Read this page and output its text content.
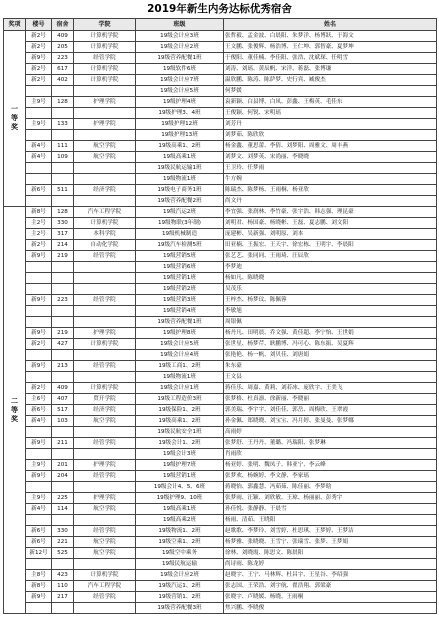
2019年新生内务达标优秀宿舍
奖项	楼号	宿舍	学院	班级	姓名

一
等
奖	新2号	409	计算机学院	19级会计应3班	张哲毅、孟金波、白晨阳、朱梦洋、杨博跃、于海文
	新2号	205	计算机学院	19级会计应2班	王文鹏、张俊辉、杨浩博、王仁坤、郭智豪、夏梦坤
	新9号	223	经管学院	19级营养配餐1班	于俊阳、董佳楠、李佳阳、张浩、沈斌琛、任明雪
	新2号	617	计算机学院	19级软件6班	刘涛、刘瑶、黄辰帆、宋洋、蒋磊、张博谦
	新2号	402	计算机学院	19级会计应7班	温欣鹏、陈涛、陈萨梦、史行宾、臧俊杰
				19级会计应5班	何梦媛
	主9号	128	护理学院	19级护理4班	袁新颖、白县博、白凤、彭鑫、王梅英、毛佳东
				19级护理3、4班	王俊颖、何锐、宋明瑶
	主9号	133	护理学院	19级护理12班	刘芳丹
				19级护理13班	刘梦茹、陈欣欣
	新4号	111	航空学院	19级高乘1、2班	杨金鑫、董思蕾、李倩、刘梦阳、周雅文、周丰燕
	新4号	109	航空学院	19级高乘1班	刘梦文、刘梦英、宋尚丽、李晓晓
				19级民航运输1班	王卫玲、任梦雨
				19级物流1班	牛方婉
	新6号	511	经济学院	19级电子商务1班	陈瑞杰、陈梦杨、王雨桐、杨亚欣
				19级营养配餐2班	尚文丹

二
等
奖	新8号	128	汽车工程学院	19级汽运2班	李宜强、张润林、李竹豪、张宇浩、韩志强、理昆豪
	主2号	330	计算机学院	19级物联(3年制)	刘明君、杨国豪、杨晓彬、王磊、夏志鹏、刘文阳
	主2号	317	本科学院	19级机械制造	庞建彬、吴新强、刘明原、刘本
	新2号	214	自动化学院	19级汽车检测5班	田亚楠、王振宏、王天宇、徐宏栋、王明宇、李晨阳
	新9号	219	经管学院	19级营销5班	张艺艺、张同同、王雨琦、汪辰欣
				19级营销6班	李梦迪
				19级营销1班	杨如凡、陈晓晓
				19级营销2班	吴茂乐
	新9号	223	经管学院	19级营销3班	王梓杰、杨梦玟、陈佩蓉
				19级营销4班	李敏旭
				19级营养配餐1班	周银佩
	新9号	219	护理学院	19级护理8班	杨丹凡、田明晨、乔文强、黄佳超、李宁怡、王世娟
	新2号	427	计算机学院	19级会计应5班	张世星、杨梦芹、耿鹏博、冯可心、陈东振、吴夏辉
				19级会计应4班	张艳艳、杨一帆、刘贝佳、刘唐娟
	新9号	213	经管学院	19级工商1、2班	朱东豪
				19级物流1班	王文县
	新2号	409	计算机学院	19级会计应1班	蒋佳乐、周嘉、黄莉、刘若冰、庞欣宇、王美飞
	主6号	407	贸开学院	19级工程造价3班	张梦格、杜真凛、徐新丽、李晓丽
	新6号	517	经济学院	19级保险1、2班	郭美瑞、李宇宇、刘佳佳、郭岳、周梅欣、王翠霞
	新4号	103	航空学院	19级高乘1、2班	孙金佩、郑晓晓、刘宝宝、冯月婷、张曼曼、张梦娜
				19级民航安全1班	高雨婷
	新9号	211	经管学院	19级会计1、2班	张梦舒、王丹丹、董璐、冯瑞阳、张梦琳
				19级会计3班	肖雨欣
	主9号	201	护理学院	19级护理7班	杨亚婷、张明、魏凤子、韩亚宁、李云峰
	新9号	204	经管学院	19级营销1班	张梦欢、杨婉婷、李文静、李家瑶
				19级会计4、5、6班	蒋晓怡、郭鑫慧、冯茹茹、陈佳丽、李梦晗
	主9号	225	护理学院	19级护理9、10班	张梦雨、汪颖、刘欣敏、王琼、杨丽丽、彭秀宇
	新4号	114	航空学院	19级高乘1班	孙佳悦、张静静、于晨雪
				19级高乘2班	杨雨、清茹、王晓阳
	新6号	330	经管学院	19级物流1、2班	赵歌歌、李梦玲、刘雪婷、杜思琪、王梦婷、王梦洁
	新6号	221	航空学院	19级空乘1、2班	杨梦雅、张晓晓、王雪宁、张瑞雪、张梦、王梦娟
	新12号	525	航空学院	19级空中乘务	徐林、刘晓霞、陈思文、陈晨阳
				19级民航运输	尚诗雨、陈龙婷
	主8号	423	计算机学院	19级会计应2班	赵晓宇、王宁、马林辉、杜昌宇、王星谷、李绍强
	新8号	110	汽车工程学院	19级汽运1、2班	张志国、王荣浩、刘宇航、翟浩翔、郭梁豪
	新9号	217	经管学院	19级营销1、2班	张晓宇、卢晓媛、杨晓、王雨桐
				19级营养配餐3班	焦兴鹏、李晓俊
